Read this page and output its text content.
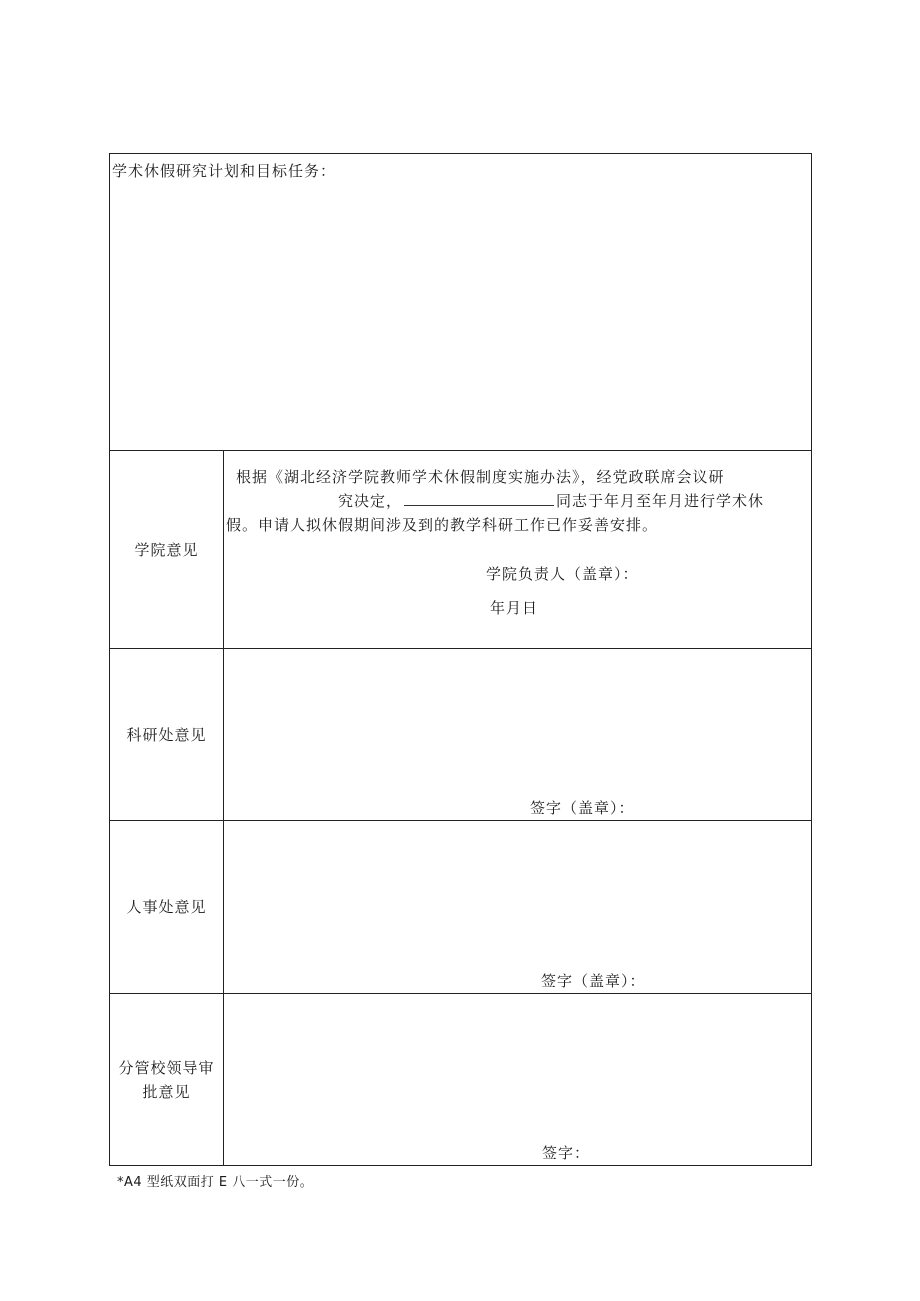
学术休假研究计划和目标任务：	

学院意见	根据《湖北经济学院教师学术休假制度实施办法》，经党政联席会议研
究决定， 同志于年月至年月进行学术休
假。申请人拟休假期间涉及到的教学科研工作已作妥善安排。
学院负责人（盖章）：
年月日

科研处意见	签字（盖章）：

人事处意见	签字（盖章）：

分管校领导审
批意见	签字：
*A4 型纸双面打 E 八一式一份。
